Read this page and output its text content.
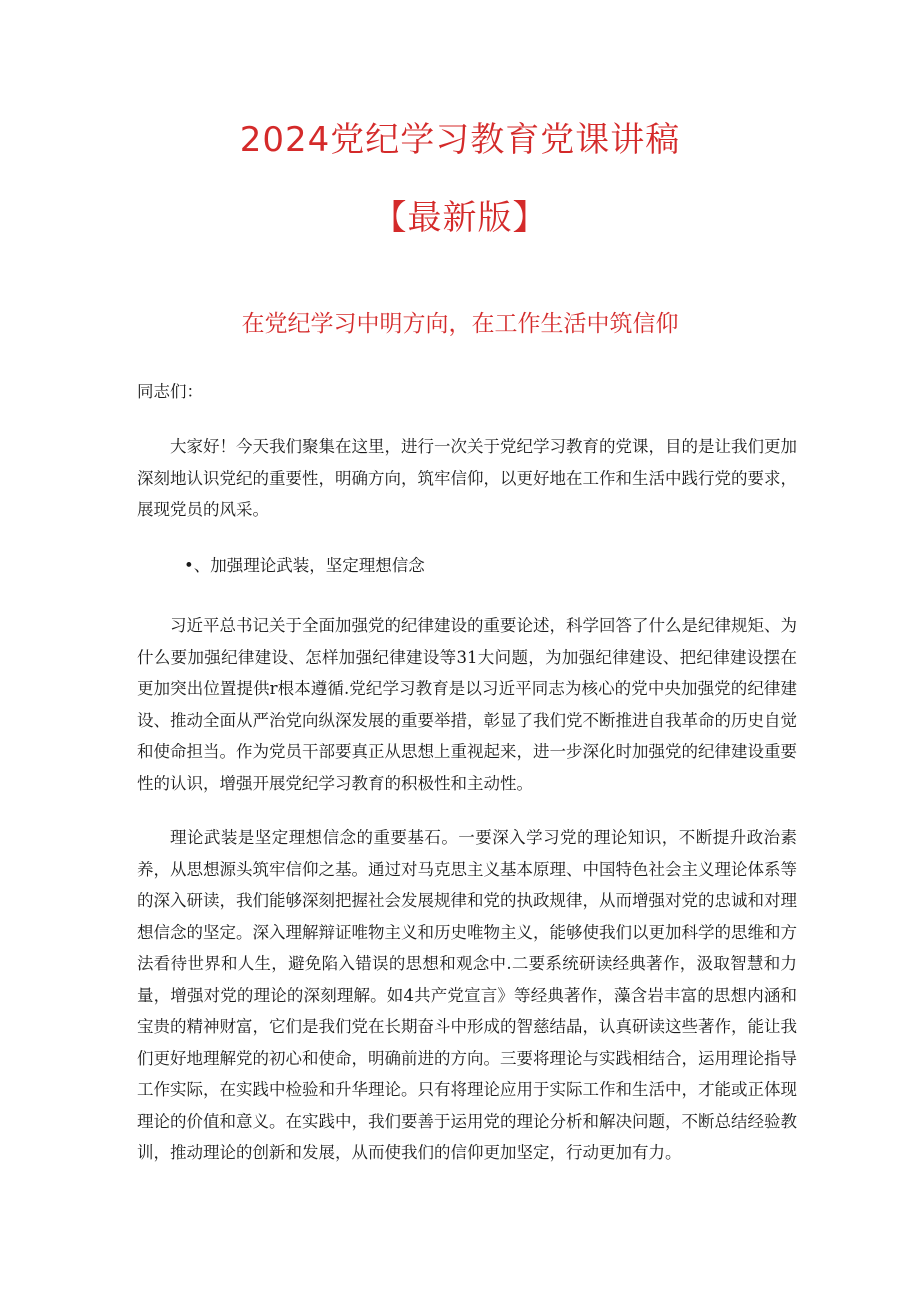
2024党纪学习教育党课讲稿
【最新版】
在党纪学习中明方向，在工作生活中筑信仰

同志们：

大家好！今天我们聚集在这里，进行一次关于党纪学习教育的党课，目的是让我们更加深刻地认识党纪的重要性，明确方向，筑牢信仰，以更好地在工作和生活中践行党的要求，展现党员的风采。

•、加强理论武装，坚定理想信念

习近平总书记关于全面加强党的纪律建设的重要论述，科学回答了什么是纪律规矩、为什么要加强纪律建设、怎样加强纪律建设等31大问题，为加强纪律建设、把纪律建设摆在更加突出位置提供r根本遵循.党纪学习教育是以习近平同志为核心的党中央加强党的纪律建设、推动全面从严治党向纵深发展的重要举措，彰显了我们党不断推进自我革命的历史自觉和使命担当。作为党员干部要真正从思想上重视起来，进一步深化时加强党的纪律建设重要性的认识，增强开展党纪学习教育的积极性和主动性。

理论武装是坚定理想信念的重要基石。一要深入学习党的理论知识，不断提升政治素养，从思想源头筑牢信仰之基。通过对马克思主义基本原理、中国特色社会主义理论体系等的深入研读，我们能够深刻把握社会发展规律和党的执政规律，从而增强对党的忠诚和对理想信念的坚定。深入理解辩证唯物主义和历史唯物主义，能够使我们以更加科学的思维和方法看待世界和人生，避免陷入错误的思想和观念中.二要系统研读经典著作，汲取智慧和力量，增强对党的理论的深刻理解。如4共产党宣言》等经典著作，藻含岩丰富的思想内涵和宝贵的精神财富，它们是我们党在长期奋斗中形成的智慈结晶，认真研读这些著作，能让我们更好地理解党的初心和使命，明确前进的方向。三要将理论与实践相结合，运用理论指导工作实际，在实践中检验和升华理论。只有将理论应用于实际工作和生活中，才能或正体现理论的价值和意义。在实践中，我们要善于运用党的理论分析和解决问题，不断总结经验教训，推动理论的创新和发展，从而使我们的信仰更加坚定，行动更加有力。
